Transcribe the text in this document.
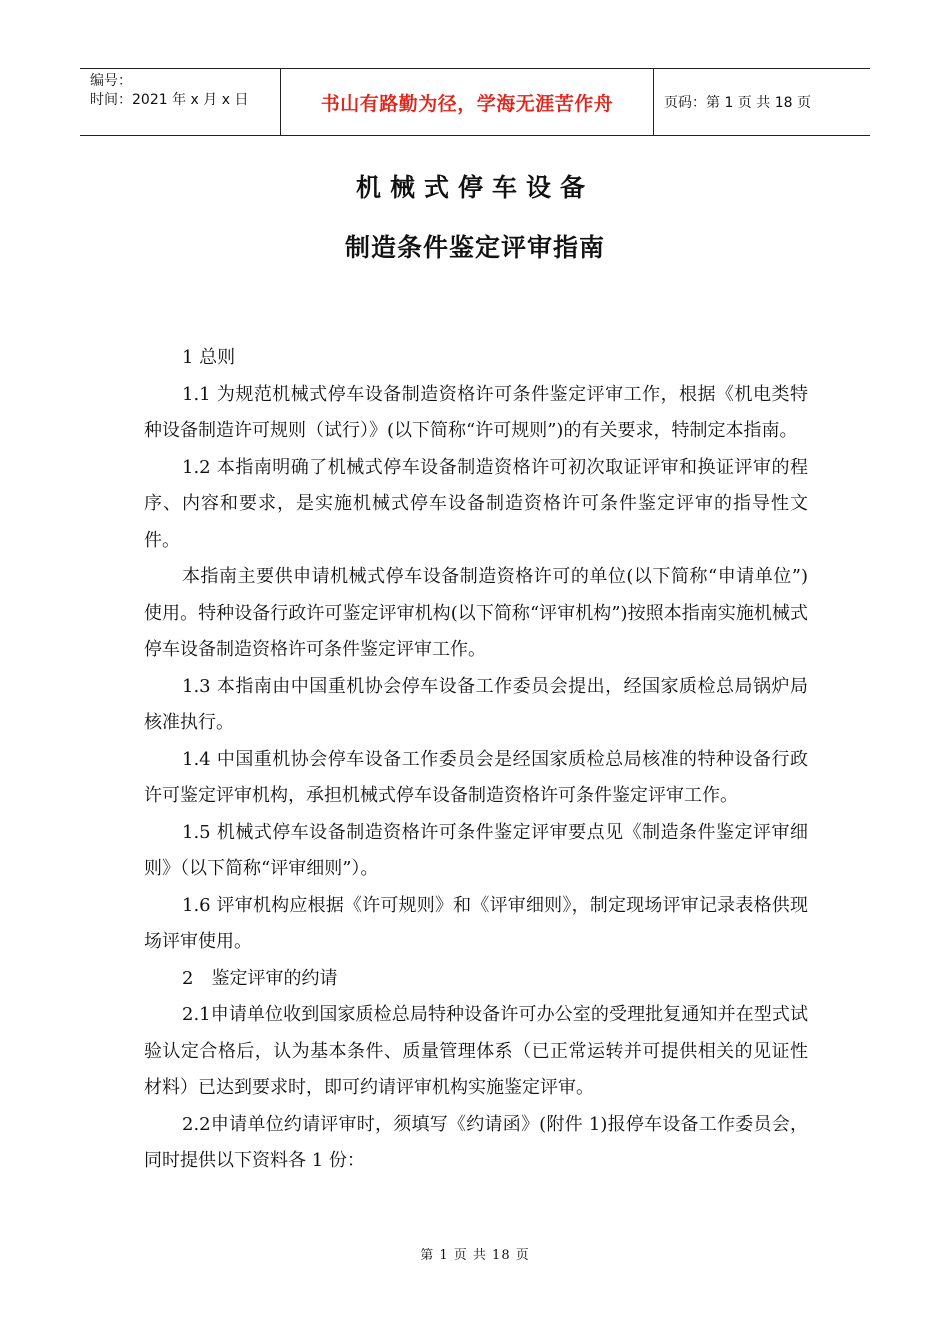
编号：
时间：2021 年 x 月 x 日	书山有路勤为径，学海无涯苦作舟	页码：第 1 页 共 18 页
机械式停车设备
制造条件鉴定评审指南

1 总则

1.1 为规范机械式停车设备制造资格许可条件鉴定评审工作，根据《机电类特种设备制造许可规则（试行）》(以下简称“许可规则”)的有关要求，特制定本指南。

1.2 本指南明确了机械式停车设备制造资格许可初次取证评审和换证评审的程序、内容和要求，是实施机械式停车设备制造资格许可条件鉴定评审的指导性文件。

本指南主要供申请机械式停车设备制造资格许可的单位(以下简称“申请单位”)使用。特种设备行政许可鉴定评审机构(以下简称“评审机构”)按照本指南实施机械式停车设备制造资格许可条件鉴定评审工作。

1.3 本指南由中国重机协会停车设备工作委员会提出，经国家质检总局锅炉局核准执行。

1.4 中国重机协会停车设备工作委员会是经国家质检总局核准的特种设备行政许可鉴定评审机构，承担机械式停车设备制造资格许可条件鉴定评审工作。

1.5 机械式停车设备制造资格许可条件鉴定评审要点见《制造条件鉴定评审细则》（以下简称“评审细则”）。

1.6 评审机构应根据《许可规则》和《评审细则》，制定现场评审记录表格供现场评审使用。

2　鉴定评审的约请

2.1申请单位收到国家质检总局特种设备许可办公室的受理批复通知并在型式试验认定合格后，认为基本条件、质量管理体系（已正常运转并可提供相关的见证性材料）已达到要求时，即可约请评审机构实施鉴定评审。

2.2申请单位约请评审时，须填写《约请函》(附件 1)报停车设备工作委员会，同时提供以下资料各 1 份：

第 1 页 共 18 页
